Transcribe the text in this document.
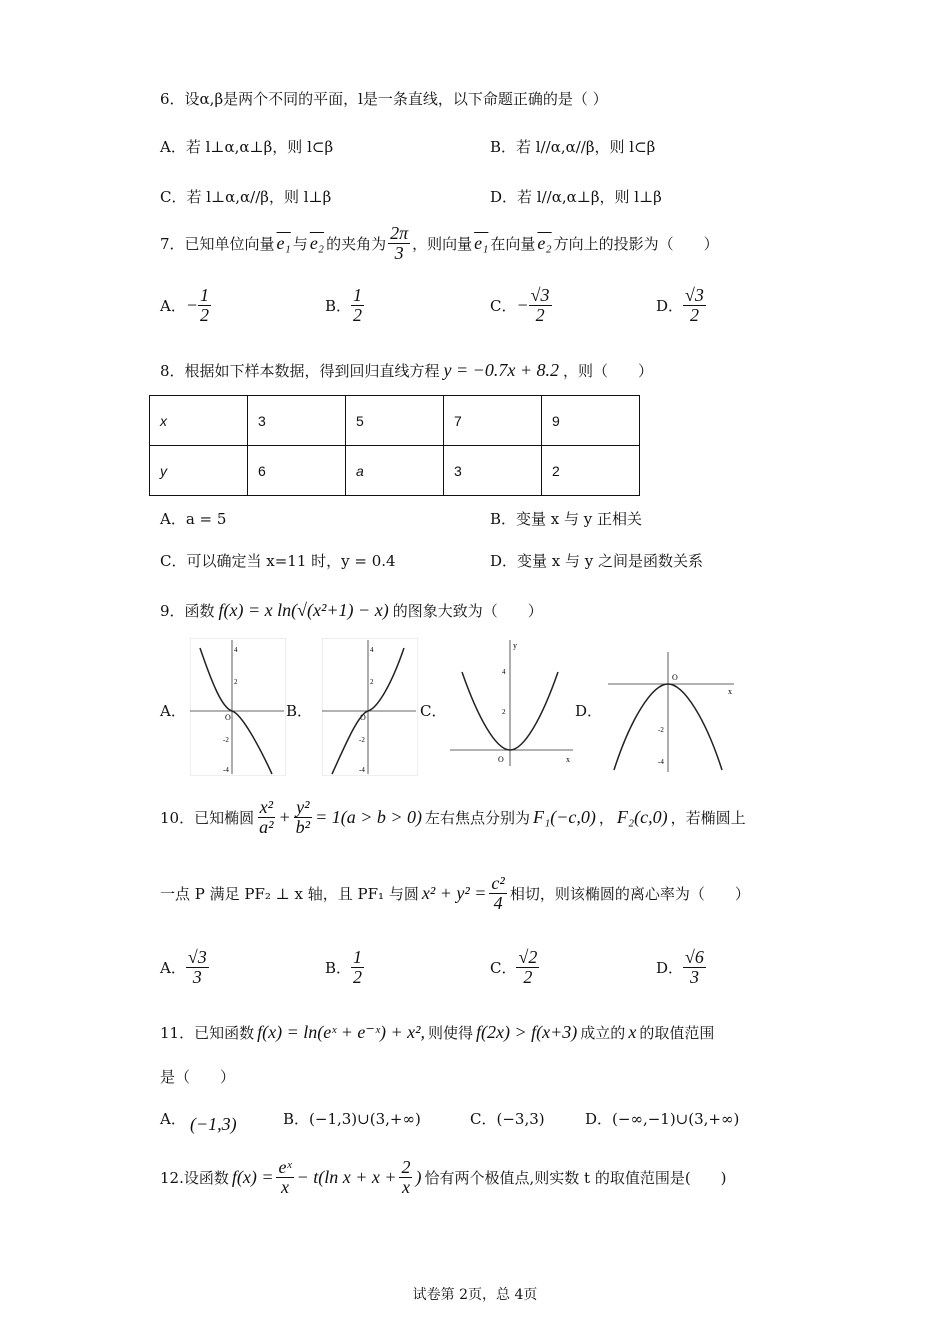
6．设α,β是两个不同的平面，l是一条直线，以下命题正确的是（ ）
A．若 l⊥α,α⊥β，则 l⊂β	B．若 l//α,α//β，则 l⊂β
C．若 l⊥α,α//β，则 l⊥β	D．若 l//α,α⊥β，则 l⊥β
7．已知单位向量 e₁ 与 e₂ 的夹角为 $\frac{2\pi}{3}$ ，则向量 e₁ 在向量 e₂ 方向上的投影为（　　）
A． − $\frac{1}{2}$	B． $\frac{1}{2}$	C． − $\frac{√3}{2}$	D． $\frac{√3}{2}$
8．根据如下样本数据，得到回归直线方程 y = −0.7x + 8.2 ，则（　　）
x	3	5	7	9
y	6	a	3	2
A．a = 5	B．变量 x 与 y 正相关
C．可以确定当 x=11 时，y = 0.4	D．变量 x 与 y 之间是函数关系
9．函数 f(x) = x ln(√(x²+1) − x) 的图象大致为（　　）
A．	B．	C．	D．
4
2
-2
-4
O
4
2
-2
-4
O
4
2
O	x
y
O
x
-2
-4
10．已知椭圆 $\frac{\text{x²}}{\text{a²}} + \frac{\text{y²}}{\text{b²}} = 1(a > b > 0)$ 左右焦点分别为 F₁(−c,0) ， F₂(c,0) ，若椭圆上
一点 P 满足 PF₂ ⊥ x 轴，且 PF₁ 与圆 $x^2 + y^2 = \frac{\text{c²}}{4}$ 相切，则该椭圆的离心率为（　　）
A． $\frac{√3}{3}$	B． $\frac{1}{2}$	C． $\frac{√2}{2}$	D． $\frac{√6}{3}$
11．已知函数 f(x) = ln(eˣ + e⁻ˣ) + x², 则使得 f(2x) > f(x+3) 成立的 x 的取值范围
是（　　）
A． (−1,3)	B．(−1,3)∪(3,+∞)	C．(−3,3)	D．(−∞,−1)∪(3,+∞)
12.设函数 $f(x) = \frac{\text{eˣ}}{x} - t(\ln$ $x + x + \frac{2}{x}$ ) 恰有两个极值点,则实数 t 的取值范围是(　　)
试卷第 2页，总 4页
